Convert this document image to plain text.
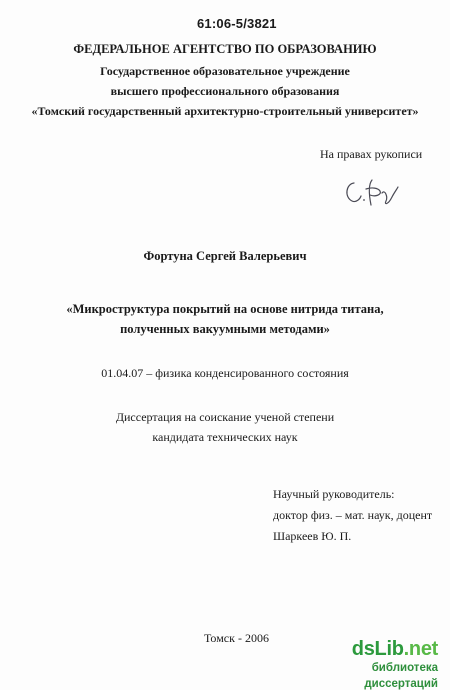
61:06-5/3821
ФЕДЕРАЛЬНОЕ АГЕНТСТВО ПО ОБРАЗОВАНИЮ
Государственное образовательное учреждение
высшего профессионального образования
«Томский государственный архитектурно-строительный университет»
На правах рукописи
Фортуна Сергей Валерьевич
«Микроструктура покрытий на основе нитрида титана,
полученных вакуумными методами»
01.04.07 – физика конденсированного состояния
Диссертация на соискание ученой степени
кандидата технических наук
Научный руководитель:
доктор физ. – мат. наук, доцент
Шаркеев Ю. П.
Томск - 2006	dsLib.net
библиотека диссертаций
